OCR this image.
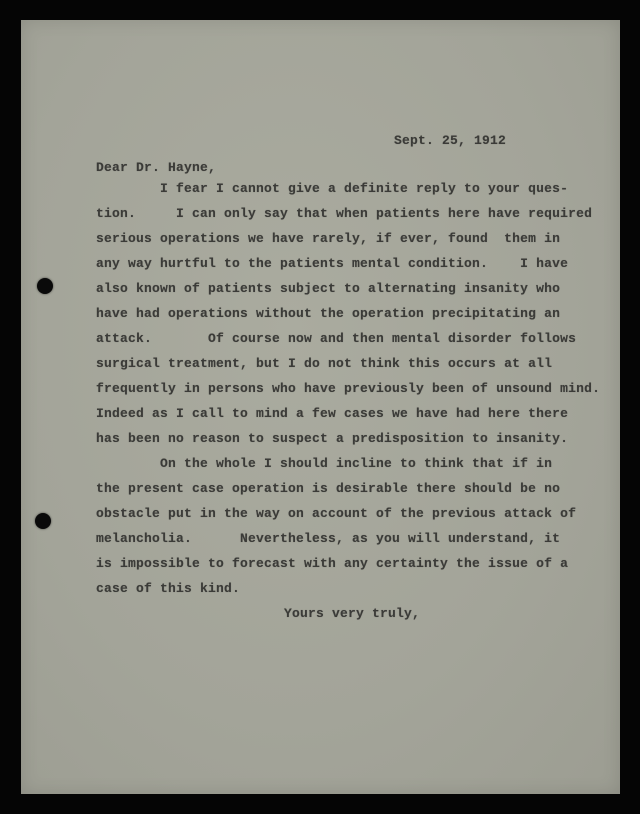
Sept. 25, 1912
Dear Dr. Hayne,
I fear I cannot give a definite reply to your ques-
tion.     I can only say that when patients here have required
serious operations we have rarely, if ever, found  them in
any way hurtful to the patients mental condition.    I have
also known of patients subject to alternating insanity who
have had operations without the operation precipitating an
attack.       Of course now and then mental disorder follows
surgical treatment, but I do not think this occurs at all
frequently in persons who have previously been of unsound mind.
Indeed as I call to mind a few cases we have had here there
has been no reason to suspect a predisposition to insanity.
On the whole I should incline to think that if in
the present case operation is desirable there should be no
obstacle put in the way on account of the previous attack of
melancholia.      Nevertheless, as you will understand, it
is impossible to forecast with any certainty the issue of a
case of this kind.
Yours very truly,
